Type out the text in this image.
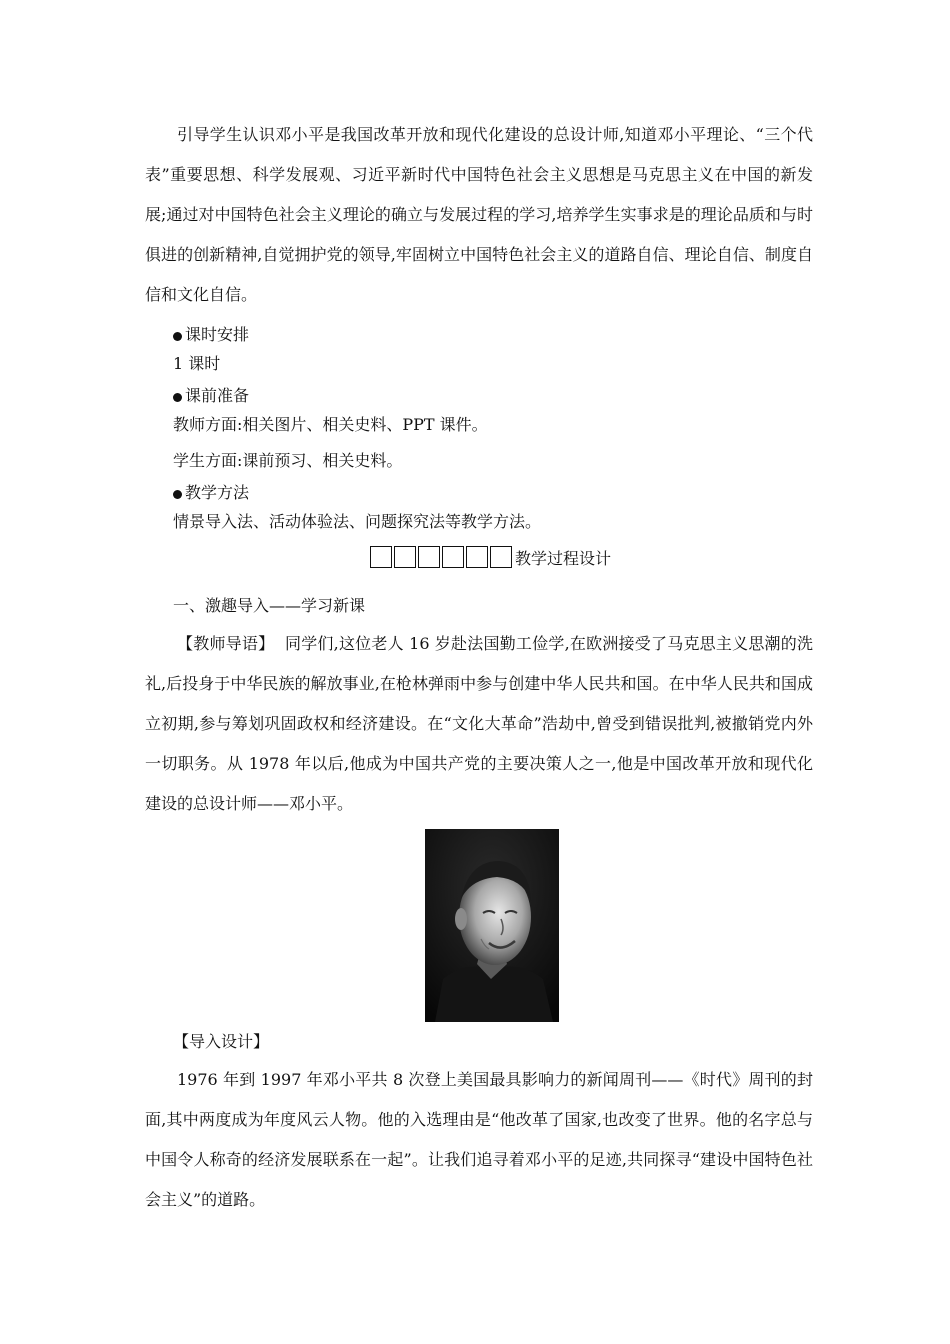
引导学生认识邓小平是我国改革开放和现代化建设的总设计师,知道邓小平理论、“三个代表”重要思想、科学发展观、习近平新时代中国特色社会主义思想是马克思主义在中国的新发展;通过对中国特色社会主义理论的确立与发展过程的学习,培养学生实事求是的理论品质和与时俱进的创新精神,自觉拥护党的领导,牢固树立中国特色社会主义的道路自信、理论自信、制度自信和文化自信。

课时安排

1 课时

课前准备

教师方面:相关图片、相关史料、PPT 课件。

学生方面:课前预习、相关史料。

教学方法

情景导入法、活动体验法、问题探究法等教学方法。

教学过程设计

一、激趣导入——学习新课

【教师导语】 同学们,这位老人 16 岁赴法国勤工俭学,在欧洲接受了马克思主义思潮的洗礼,后投身于中华民族的解放事业,在枪林弹雨中参与创建中华人民共和国。在中华人民共和国成立初期,参与筹划巩固政权和经济建设。在“文化大革命”浩劫中,曾受到错误批判,被撤销党内外一切职务。从 1978 年以后,他成为中国共产党的主要决策人之一,他是中国改革开放和现代化建设的总设计师——邓小平。

【导入设计】

1976 年到 1997 年邓小平共 8 次登上美国最具影响力的新闻周刊——《时代》周刊的封面,其中两度成为年度风云人物。他的入选理由是“他改革了国家,也改变了世界。他的名字总与中国令人称奇的经济发展联系在一起”。让我们追寻着邓小平的足迹,共同探寻“建设中国特色社会主义”的道路。
